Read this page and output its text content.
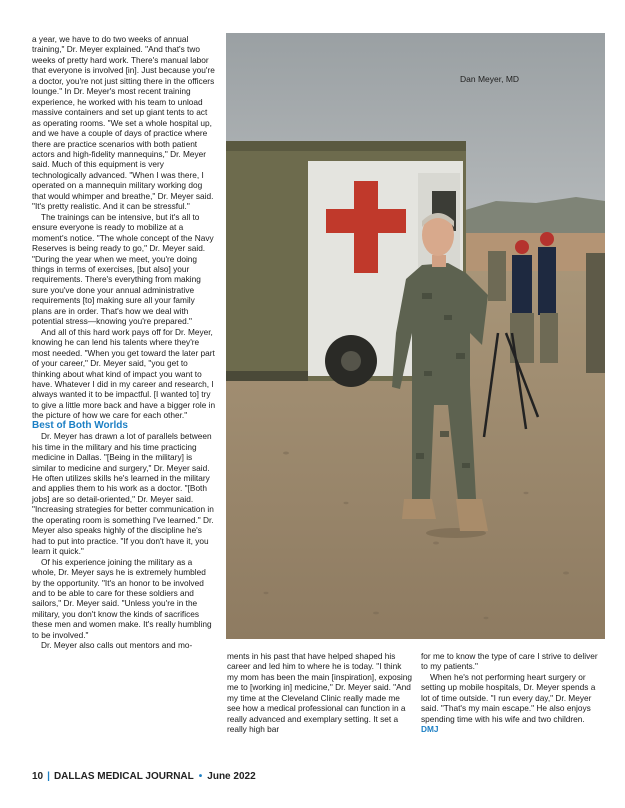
a year, we have to do two weeks of annual training," Dr. Meyer explained. "And that's two weeks of pretty hard work. There's manual labor that everyone is involved [in]. Just because you're a doctor, you're not just sitting there in the officers lounge." In Dr. Meyer's most recent training experience, he worked with his team to unload massive containers and set up giant tents to act as operating rooms. "We set a whole hospital up, and we have a couple of days of practice where there are practice scenarios with both patient actors and high-fidelity mannequins," Dr. Meyer said. Much of this equipment is very technologically advanced. "When I was there, I operated on a mannequin military working dog that would whimper and breathe," Dr. Meyer said. "It's pretty realistic. And it can be stressful."

The trainings can be intensive, but it's all to ensure everyone is ready to mobilize at a moment's notice. "The whole concept of the Navy Reserves is being ready to go," Dr. Meyer said. "During the year when we meet, you're doing things in terms of exercises, [but also] your requirements. There's everything from making sure you've done your annual administrative requirements [to] making sure all your family plans are in order. That's how we deal with potential stress—knowing you're prepared."

And all of this hard work pays off for Dr. Meyer, knowing he can lend his talents where they're most needed. "When you get toward the later part of your career," Dr. Meyer said, "you get to thinking about what kind of impact you want to have. Whatever I did in my career and research, I always wanted it to be impactful. [I wanted to] try to give a little more back and have a bigger role in the picture of how we care for each other."

Best of Both Worlds

Dr. Meyer has drawn a lot of parallels between his time in the military and his time practicing medicine in Dallas. "[Being in the military] is similar to medicine and surgery," Dr. Meyer said. He often utilizes skills he's learned in the military and applies them to his work as a doctor. "[Both jobs] are so detail-oriented," Dr. Meyer said. "Increasing strategies for better communication in the operating room is something I've learned." Dr. Meyer also speaks highly of the discipline he's had to put into practice. "If you don't have it, you learn it quick."

Of his experience joining the military as a whole, Dr. Meyer says he is extremely humbled by the opportunity. "It's an honor to be involved and to be able to care for these soldiers and sailors," Dr. Meyer said. "Unless you're in the military, you don't know the kinds of sacrifices these men and women make. It's really humbling to be involved."

Dr. Meyer also calls out mentors and mo-

Dan Meyer, MD

ments in his past that have helped shaped his career and led him to where he is today. "I think my mom has been the main [inspiration], exposing me to [working in] medicine," Dr. Meyer said. "And my time at the Cleveland Clinic really made me see how a medical professional can function in a really advanced and exemplary setting. It set a really high bar

for me to know the type of care I strive to deliver to my patients."

When he's not performing heart surgery or setting up mobile hospitals, Dr. Meyer spends a lot of time outside. "I run every day," Dr. Meyer said. "That's my main escape." He also enjoys spending time with his wife and two children. DMJ

10 | DALLAS MEDICAL JOURNAL • June 2022
